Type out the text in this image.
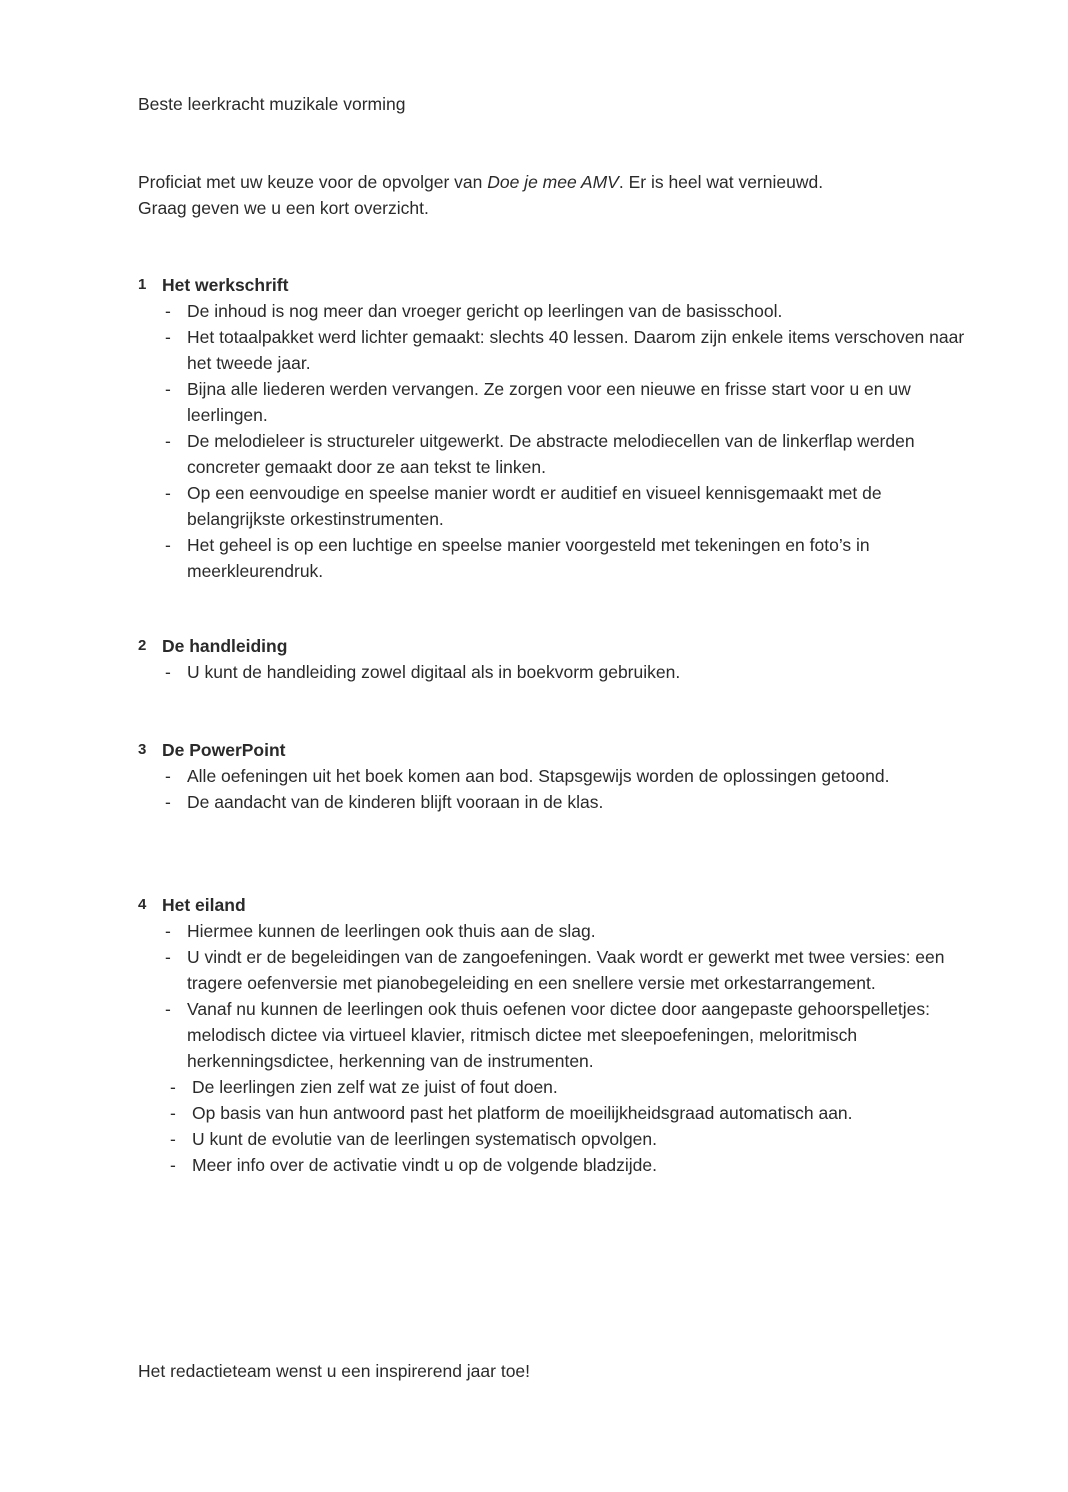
Beste leerkracht muzikale vorming
Proficiat met uw keuze voor de opvolger van Doe je mee AMV. Er is heel wat vernieuwd.
Graag geven we u een kort overzicht.
1 Het werkschrift
- De inhoud is nog meer dan vroeger gericht op leerlingen van de basisschool.
- Het totaalpakket werd lichter gemaakt: slechts 40 lessen. Daarom zijn enkele items verschoven naar het tweede jaar.
- Bijna alle liederen werden vervangen. Ze zorgen voor een nieuwe en frisse start voor u en uw leerlingen.
- De melodieleer is structureler uitgewerkt. De abstracte melodiecellen van de linkerflap werden concreter gemaakt door ze aan tekst te linken.
- Op een eenvoudige en speelse manier wordt er auditief en visueel kennisgemaakt met de belangrijkste orkestinstrumenten.
- Het geheel is op een luchtige en speelse manier voorgesteld met tekeningen en foto’s in meerkleurendruk.
2 De handleiding
- U kunt de handleiding zowel digitaal als in boekvorm gebruiken.
3 De PowerPoint
- Alle oefeningen uit het boek komen aan bod. Stapsgewijs worden de oplossingen getoond.
- De aandacht van de kinderen blijft vooraan in de klas.
4 Het eiland
- Hiermee kunnen de leerlingen ook thuis aan de slag.
- U vindt er de begeleidingen van de zangoefeningen. Vaak wordt er gewerkt met twee versies: een tragere oefenversie met pianobegeleiding en een snellere versie met orkestarrangement.
- Vanaf nu kunnen de leerlingen ook thuis oefenen voor dictee door aangepaste gehoorspelletjes: melodisch dictee via virtueel klavier, ritmisch dictee met sleepoefeningen, meloritmisch herkenningsdictee, herkenning van de instrumenten.
- De leerlingen zien zelf wat ze juist of fout doen.
- Op basis van hun antwoord past het platform de moeilijkheidsgraad automatisch aan.
- U kunt de evolutie van de leerlingen systematisch opvolgen.
- Meer info over de activatie vindt u op de volgende bladzijde.
Het redactieteam wenst u een inspirerend jaar toe!
